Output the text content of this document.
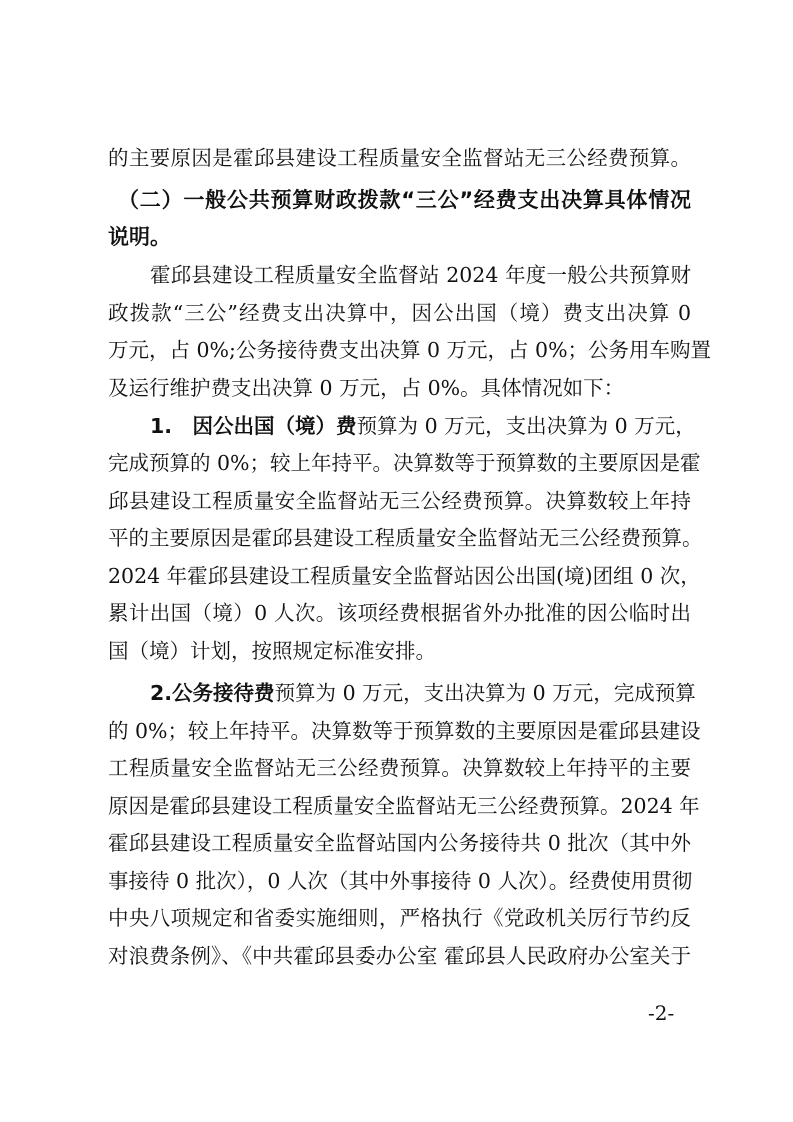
的主要原因是霍邱县建设工程质量安全监督站无三公经费预算。
（二）一般公共预算财政拨款“三公”经费支出决算具体情况
说明。
霍邱县建设工程质量安全监督站 2024 年度一般公共预算财
政拨款“三公”经费支出决算中，因公出国（境）费支出决算 0
万元，占 0%;公务接待费支出决算 0 万元，占 0%；公务用车购置
及运行维护费支出决算 0 万元，占 0%。具体情况如下：
1.　因公出国（境）费预算为 0 万元，支出决算为 0 万元，
完成预算的 0%；较上年持平。决算数等于预算数的主要原因是霍
邱县建设工程质量安全监督站无三公经费预算。决算数较上年持
平的主要原因是霍邱县建设工程质量安全监督站无三公经费预算。
2024 年霍邱县建设工程质量安全监督站因公出国(境)团组 0 次，
累计出国（境）0 人次。该项经费根据省外办批准的因公临时出
国（境）计划，按照规定标准安排。
2.公务接待费预算为 0 万元，支出决算为 0 万元，完成预算
的 0%；较上年持平。决算数等于预算数的主要原因是霍邱县建设
工程质量安全监督站无三公经费预算。决算数较上年持平的主要
原因是霍邱县建设工程质量安全监督站无三公经费预算。2024 年
霍邱县建设工程质量安全监督站国内公务接待共 0 批次（其中外
事接待 0 批次），0 人次（其中外事接待 0 人次）。经费使用贯彻
中央八项规定和省委实施细则，严格执行《党政机关厉行节约反
对浪费条例》、《中共霍邱县委办公室 霍邱县人民政府办公室关于
-2-
